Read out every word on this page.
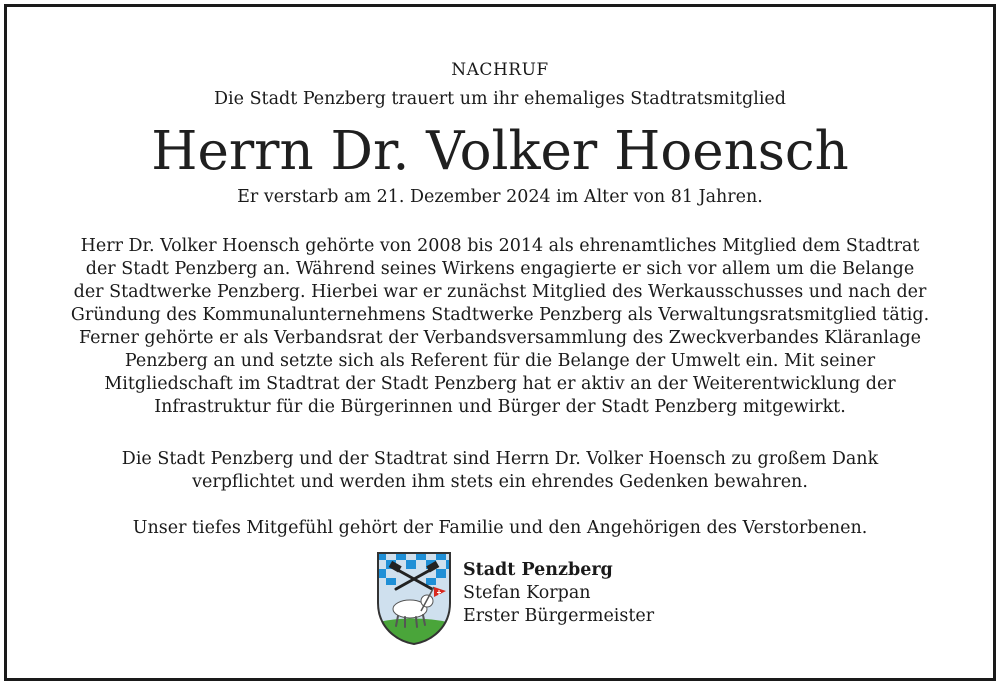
NACHRUF
Die Stadt Penzberg trauert um ihr ehemaliges Stadtratsmitglied
Herrn Dr. Volker Hoensch
Er verstarb am 21. Dezember 2024 im Alter von 81 Jahren.

Herr Dr. Volker Hoensch gehörte von 2008 bis 2014 als ehrenamtliches Mitglied dem Stadtrat der Stadt Penzberg an. Während seines Wirkens engagierte er sich vor allem um die Belange der Stadtwerke Penzberg. Hierbei war er zunächst Mitglied des Werkausschusses und nach der Gründung des Kommunalunternehmens Stadtwerke Penzberg als Verwaltungsratsmitglied tätig. Ferner gehörte er als Verbandsrat der Verbandsversammlung des Zweckverbandes Kläranlage Penzberg an und setzte sich als Referent für die Belange der Umwelt ein. Mit seiner Mitgliedschaft im Stadtrat der Stadt Penzberg hat er aktiv an der Weiterentwicklung der Infrastruktur für die Bürgerinnen und Bürger der Stadt Penzberg mitgewirkt.

Die Stadt Penzberg und der Stadtrat sind Herrn Dr. Volker Hoensch zu großem Dank verpflichtet und werden ihm stets ein ehrendes Gedenken bewahren.

Unser tiefes Mitgefühl gehört der Familie und den Angehörigen des Verstorbenen.

Stadt Penzberg
Stefan Korpan
Erster Bürgermeister
